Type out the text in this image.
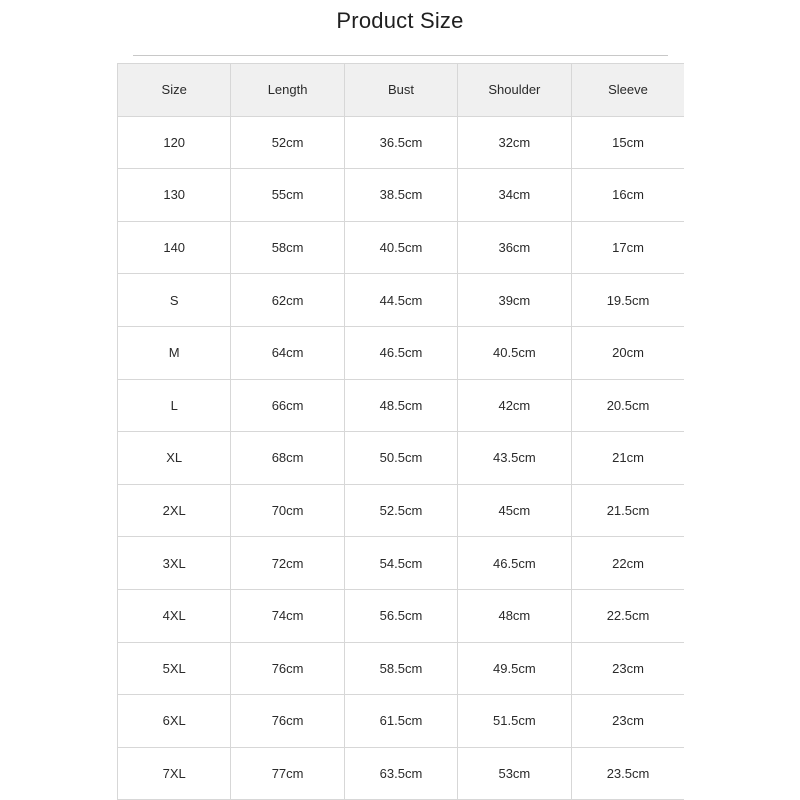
Product Size
Size	Length	Bust	Shoulder	Sleeve
120	52cm	36.5cm	32cm	15cm
130	55cm	38.5cm	34cm	16cm
140	58cm	40.5cm	36cm	17cm
S	62cm	44.5cm	39cm	19.5cm
M	64cm	46.5cm	40.5cm	20cm
L	66cm	48.5cm	42cm	20.5cm
XL	68cm	50.5cm	43.5cm	21cm
2XL	70cm	52.5cm	45cm	21.5cm
3XL	72cm	54.5cm	46.5cm	22cm
4XL	74cm	56.5cm	48cm	22.5cm
5XL	76cm	58.5cm	49.5cm	23cm
6XL	76cm	61.5cm	51.5cm	23cm
7XL	77cm	63.5cm	53cm	23.5cm
